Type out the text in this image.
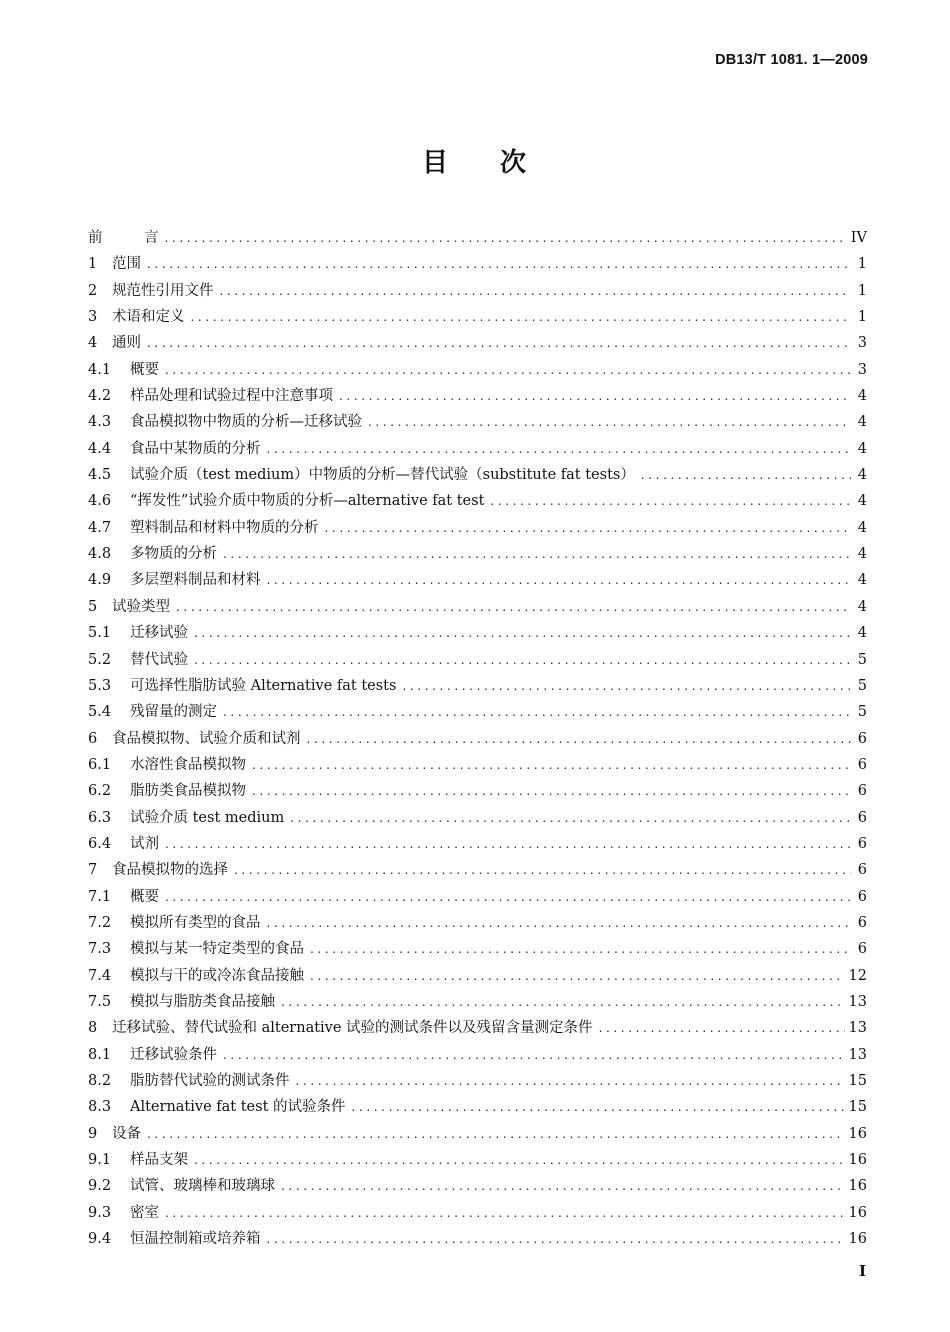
DB13/T 1081. 1—2009
目 次
前	言 .....	IV
1	范围 .....	1
2	规范性引用文件 .....	1
3	术语和定义 .....	1
4	通则 .....	3
4.1	概要 .....	3
4.2	样品处理和试验过程中注意事项 .....	4
4.3	食品模拟物中物质的分析—迁移试验 .....	4
4.4	食品中某物质的分析 .....	4
4.5	试验介质（test medium）中物质的分析—替代试验（substitute fat tests） .....	4
4.6	“挥发性”试验介质中物质的分析—alternative fat test .....	4
4.7	塑料制品和材料中物质的分析 .....	4
4.8	多物质的分析 .....	4
4.9	多层塑料制品和材料 .....	4
5	试验类型 .....	4
5.1	迁移试验 .....	4
5.2	替代试验 .....	5
5.3	可选择性脂肪试验 Alternative fat tests .....	5
5.4	残留量的测定 .....	5
6	食品模拟物、试验介质和试剂 .....	6
6.1	水溶性食品模拟物 .....	6
6.2	脂肪类食品模拟物 .....	6
6.3	试验介质 test medium .....	6
6.4	试剂 .....	6
7	食品模拟物的选择 .....	6
7.1	概要 .....	6
7.2	模拟所有类型的食品 .....	6
7.3	模拟与某一特定类型的食品 .....	6
7.4	模拟与干的或冷冻食品接触 .....	12
7.5	模拟与脂肪类食品接触 .....	13
8	迁移试验、替代试验和 alternative 试验的测试条件以及残留含量测定条件 .....	13
8.1	迁移试验条件 .....	13
8.2	脂肪替代试验的测试条件 .....	15
8.3	Alternative fat test 的试验条件 .....	15
9	设备 .....	16
9.1	样品支架 .....	16
9.2	试管、玻璃棒和玻璃球 .....	16
9.3	密室 .....	16
9.4	恒温控制箱或培养箱 .....	16
I
